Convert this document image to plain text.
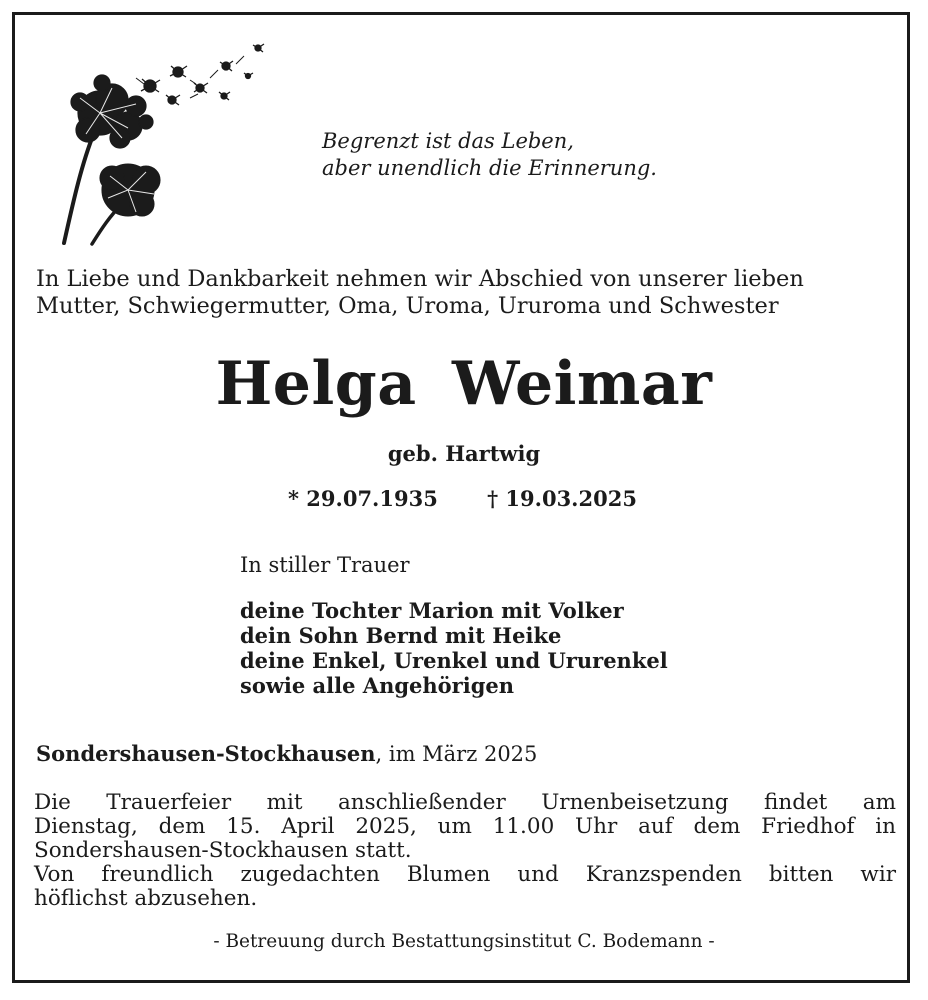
Begrenzt ist das Leben,
aber unendlich die Erinnerung.
In Liebe und Dankbarkeit nehmen wir Abschied von unserer lieben
Mutter, Schwiegermutter, Oma, Uroma, Ururoma und Schwester
Helga Weimar
geb. Hartwig
* 29.07.1935 † 19.03.2025
In stiller Trauer
deine Tochter Marion mit Volker
dein Sohn Bernd mit Heike
deine Enkel, Urenkel und Ururenkel
sowie alle Angehörigen
Sondershausen-Stockhausen, im März 2025
Die Trauerfeier mit anschließender Urnenbeisetzung findet am
Dienstag, dem 15. April 2025, um 11.00 Uhr auf dem Friedhof in
Sondershausen-Stockhausen statt.
Von freundlich zugedachten Blumen und Kranzspenden bitten wir
höflichst abzusehen.
- Betreuung durch Bestattungsinstitut C. Bodemann -
